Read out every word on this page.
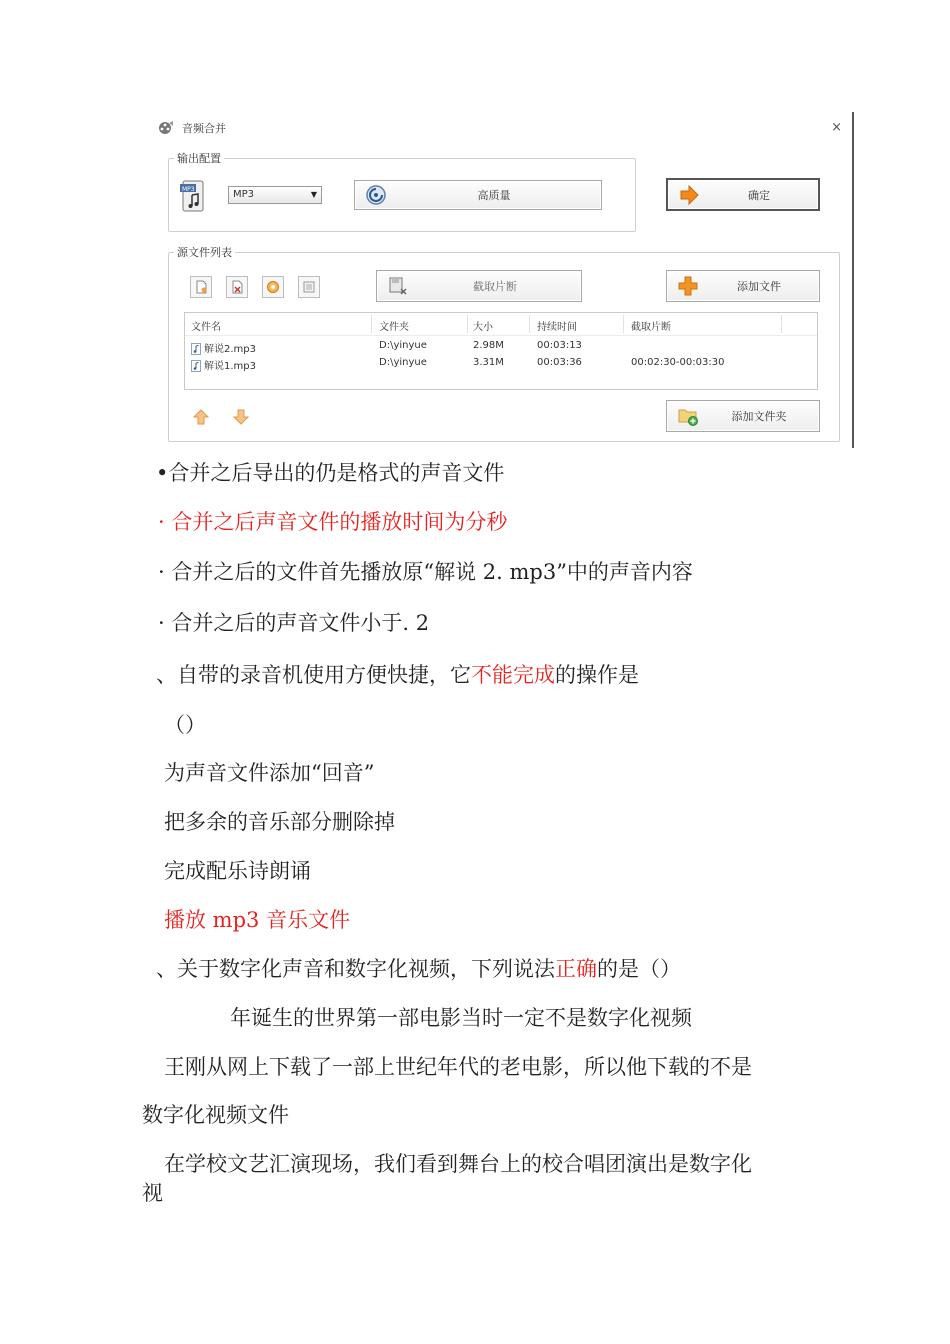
音频合并	×
输出配置
MP3	MP3	▼	高质量	确定
源文件列表
截取片断	添加文件
文件名	文件夹	大小	持续时间	截取片断
解说2.mp3	D:\yinyue	2.98M	00:03:13
解说1.mp3	D:\yinyue	3.31M	00:03:36	00:02:30-00:03:30
添加文件夹
•合并之后导出的仍是格式的声音文件
· 合并之后声音文件的播放时间为分秒
· 合并之后的文件首先播放原“解说 2. mp3”中的声音内容
· 合并之后的声音文件小于. 2
、自带的录音机使用方便快捷，它不能完成的操作是
（）
为声音文件添加“回音”
把多余的音乐部分删除掉
完成配乐诗朗诵
播放 mp3 音乐文件
、关于数字化声音和数字化视频，下列说法正确的是（）
年诞生的世界第一部电影当时一定不是数字化视频
王刚从网上下载了一部上世纪年代的老电影，所以他下载的不是
数字化视频文件
在学校文艺汇演现场，我们看到舞台上的校合唱团演出是数字化
视
